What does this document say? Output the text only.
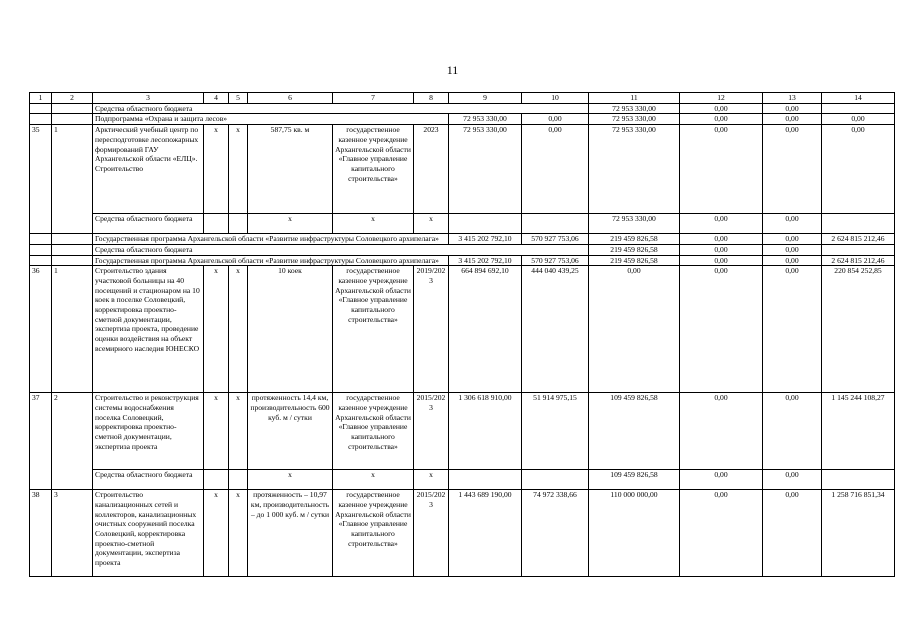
11
1	2	3	4	5	6	7	8	9	10	11	12	13	14
		Средства областного бюджета								72 953 330,00	0,00	0,00	
		Подпрограмма «Охрана и защита лесов»						72 953 330,00	0,00	72 953 330,00	0,00	0,00	0,00
35	1	Арктический учебный центр по пересподготовке лесопожарных формирований ГАУ Архангельской области «ЕЛЦ». Строительство	х	х	587,75 кв. м	государственное казенное учреждение Архангельской области «Главное управление капитального строительства»	2023	72 953 330,00	0,00	72 953 330,00	0,00	0,00	0,00
		Средства областного бюджета			х	х	х			72 953 330,00	0,00	0,00	
		Государственная программа Архангельской области «Развитие инфраструктуры Соловецкого архипелага»						3 415 202 792,10	570 927 753,06	219 459 826,58	0,00	0,00	2 624 815 212,46
		Средства областного бюджета								219 459 826,58	0,00	0,00	
		Государственная программа Архангельской области «Развитие инфраструктуры Соловецкого архипелага»						3 415 202 792,10	570 927 753,06	219 459 826,58	0,00	0,00	2 624 815 212,46
36	1	Строительство здания участковой больницы на 40 посещений и стационаром на 10 коек в поселке Соловецкий, корректировка проектно-сметной документации, экспертиза проекта, проведение оценки воздействия на объект всемирного наследия ЮНЕСКО	х	х	10 коек	государственное казенное учреждение Архангельской области «Главное управление капитального строительства»	2019/2023	664 894 692,10	444 040 439,25	0,00	0,00	0,00	220 854 252,85
37	2	Строительство и реконструкция системы водоснабжения поселка Соловецкий, корректировка проектно-сметной документации, экспертиза проекта	х	х	протяженность 14,4 км, производительность 600 куб. м / сутки	государственное казенное учреждение Архангельской области «Главное управление капитального строительства»	2015/2023	1 306 618 910,00	51 914 975,15	109 459 826,58	0,00	0,00	1 145 244 108,27
		Средства областного бюджета			х	х	х			109 459 826,58	0,00	0,00	
38	3	Строительство канализационных сетей и коллекторов, канализационных очистных сооружений поселка Соловецкий, корректировка проектно-сметной документации, экспертиза проекта	х	х	протяженность – 10,97 км, производительность – до 1 000 куб. м / сутки	государственное казенное учреждение Архангельской области «Главное управление капитального строительства»	2015/2023	1 443 689 190,00	74 972 338,66	110 000 000,00	0,00	0,00	1 258 716 851,34
